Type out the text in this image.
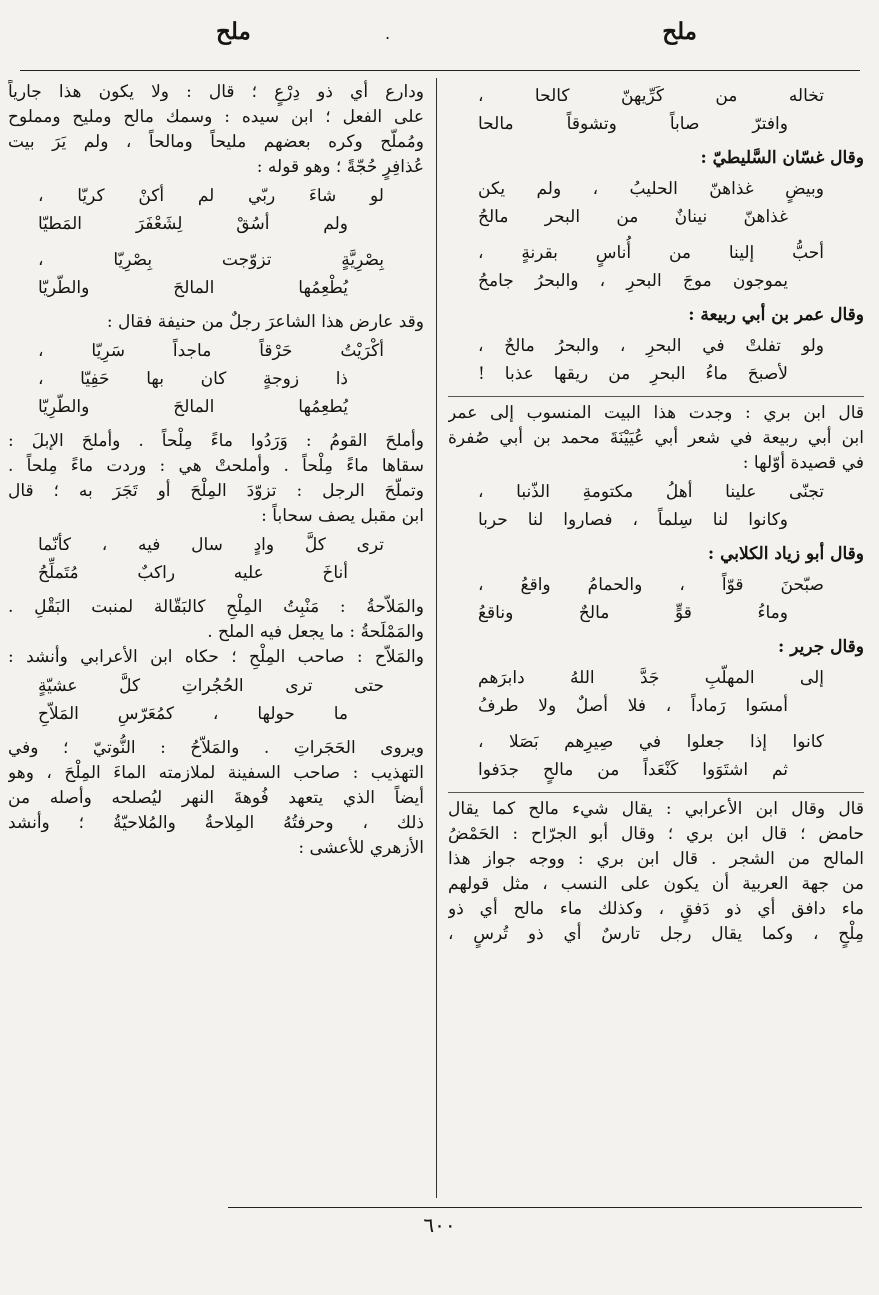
ملح
.
ملح
تخاله من كَرِّيهنّ كالحا ،
وافترّ صاباً وتشوقاً مالحا
وقال غسّان السَّليطيّ :
وبيضٍ غذاهنّ الحليبُ ، ولم يكن
غذاهنّ نينانٌ من البحر مالحُ
أحبُّ إلينا من أُناسٍ بقرنةٍ ،
يموجون موجَ البحرِ ، والبحرُ جامحُ
وقال عمر بن أبي ربيعة :
ولو تفلتْ في البحرِ ، والبحرُ مالحٌ ،
لأصبحَ ماءُ البحرِ من ريقها عذبا !
قال ابن بري : وجدت هذا البيت المنسوب إلى عمر
ابن أبي ربيعة في شعر أبي عُيَيْنَةَ محمد بن أبي صُفرة
في قصيدة أوّلها :
تجنّى علينا أهلُ مكتومةِ الذّنبا ،
وكانوا لنا سِلماً ، فصاروا لنا حربا
وقال أبو زياد الكلابي :
صبّحنَ قوّاً ، والحمامُ واقعُ ،
وماءُ قوٍّ مالحٌ وناقعُ
وقال جرير :
إلى المهلّبِ جَدَّ اللهُ دابرَهم
أمسَوا رَماداً ، فلا أصلٌ ولا طرفُ
كانوا إذا جعلوا في صِيرِهم بَصَلا ،
ثم اشتَوَوا كَنْعَداً من مالحٍ جدَفوا
قال وقال ابن الأعرابي : يقال شيء مالح كما يقال
حامض ؛ قال ابن بري ؛ وقال أبو الجرّاح : الحَمْضُ
المالح من الشجر . قال ابن بري : ووجه جواز هذا
من جهة العربية أن يكون على النسب ، مثل قولهم
ماء دافق أي ذو دَفقٍ ، وكذلك ماء مالح أي ذو
مِلْحٍ ، وكما يقال رجل تارسٌ أي ذو تُرسٍ ،
ودارع أي ذو دِرْعٍ ؛ قال : ولا يكون هذا جارياً
على الفعل ؛ ابن سيده : وسمك مالح ومليح ومملوح
ومُملّح وكره بعضهم مليحاً ومالحاً ، ولم يَرَ بيت
عُذافِرٍ حُجّةً ؛ وهو قوله :
لو شاءَ ربّي لم أكنْ كريّا ،
ولم أسُقْ لِشَعْفَرَ المَطيّا
بِصْرِيَّةٍ تزوّجت بِصْرِيّا ،
يُطْعِمُها المالحَ والطّريّا
وقد عارض هذا الشاعرَ رجلٌ من حنيفة فقال :
أكْرَيْتُ حَرْقاً ماجداً سَرِيّا ،
ذا زوجةٍ كان بها حَفِيّا ،
يُطعِمُها المالحَ والطّرِيّا
وأملحَ القومُ : وَرَدُوا ماءً مِلْحاً . وأملحَ الإبلَ :
سقاها ماءً مِلْحاً . وأملحتْ هي : وردت ماءً مِلحاً .
وتملّحَ الرجل : تزوّدَ المِلْحَ أو تَجَرَ به ؛ قال
ابن مقبل يصف سحاباً :
ترى كلَّ وادٍ سال فيه ، كأنّما
أناخَ عليه راكبٌ مُتَملِّحُ
والمَلاّحةُ : مَنْبِتُ المِلْحِ كالبَقّالة لمنبت البَقْلِ .
والمَمْلَحةُ : ما يجعل فيه الملح .
والمَلاّح : صاحب المِلْحِ ؛ حكاه ابن الأعرابي وأنشد :
حتى ترى الحُجُراتِ كلَّ عشيّةٍ
ما حولها ، كمُعَرّسِ المَلاّحِ
ويروى الحَجَراتِ . والمَلاّحُ : النُّوتيّ ؛ وفي
التهذيب : صاحب السفينة لملازمته الماءَ المِلْحَ ، وهو
أيضاً الذي يتعهد فُوهةَ النهر ليُصلحه وأصله من
ذلك ، وحرفتُهُ المِلاحةُ والمُلاحيّةُ ؛ وأنشد
الأزهري للأعشى :
٦٠٠
